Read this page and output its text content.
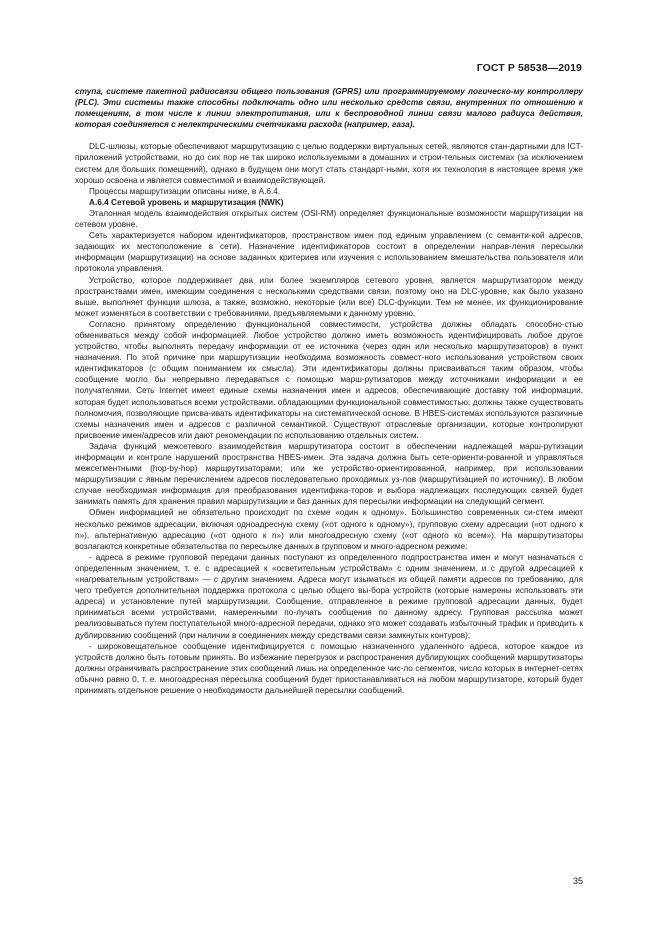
ГОСТ Р 58538—2019

ступа, системе пакетной радиосвязи общего пользования (GPRS) или программируемому логическо-му контроллеру (PLC). Эти системы также способны подключать одно или несколько средств связи, внутренних по отношению к помещениям, в том числе к линии электропитания, или к беспроводной линии связи малого радиуса действия, которая соединяется с нелектрическими счетчиками расхода (например, газа).

DLC-шлюзы, которые обеспечивают маршрутизацию с целью поддержки виртуальных сетей, являются стан-дартными для ICT-приложений устройствами, но до сих пор не так широко используемыми в домашних и строи-тельных системах (за исключением систем для больших помещений), однако в будущем они могут стать стандарт-ными, хотя их технология в настоящее время уже хорошо освоена и является совместимой и взаимодействующей.

Процессы маршрутизации описаны ниже, в А.6.4.

А.6.4 Сетевой уровень и маршрутизация (NWK)

Эталонная модель взаимодействия открытых систем (OSI-RM) определяет функциональные возможности маршрутизации на сетевом уровне.

Сеть характеризуется набором идентификаторов, пространством имен под единым управлением (с семанти-кой адресов, задающих их местоположение в сети). Назначение идентификаторов состоит в определении направ-ления пересылки информации (маршрутизации) на основе заданных критериев или изучения с использованием вмешательства пользователя или протокола управления.

Устройство, которое поддерживает два или более экземпляров сетевого уровня, является маршрутизатором между пространствами имен, имеющим соединения с несколькими средствами связи, поэтому оно на DLC-уровне, как было указано выше, выполняет функции шлюза, а также, возможно, некоторые (или все) DLC-функции. Тем не менее, их функционирование может изменяться в соответствии с требованиями, предъявляемыми к данному уровню.

Согласно принятому определению функциональной совместимости, устройства должны обладать способно-стью обмениваться между собой информацией. Любое устройство должно иметь возможность идентифицировать любое другое устройство, чтобы выполнять передачу информации от ее источника (через один или несколько маршрутизаторов) в пункт назначения. По этой причине при маршрутизации необходима возможность совмест-ного использования устройством своих идентификаторов (с общим пониманием их смысла). Эти идентификаторы должны присваиваться таким образом, чтобы сообщение могло бы непрерывно передаваться с помощью марш-рутизаторов между источниками информации и ее получателями. Сеть Internet имеет единые схемы назначения имен и адресов, обеспечивающие доставку той информации, которая будет использоваться всеми устройствами, обладающими функциональной совместимостью; должны также существовать полномочия, позволяющие присва-ивать идентификаторы на систематической основе. В HBES-системах используются различные схемы назначения имен и адресов с различной семантикой. Существуют отраслевые организации, которые контролируют присвоение имен/адресов или дают рекомендации по использованию отдельных систем.

Задача функций межсетевого взаимодействия маршрутизатора состоит в обеспечении надлежащей марш-рутизации информации и контроле нарушений пространства HBES-имен. Эта задача должна быть сете-ориенти-рованной и управляться межсегментными (hop-by-hop) маршрутизаторами; или же устройство-ориентированной, например, при использовании маршрутизации с явным перечислением адресов последовательно проходимых уз-лов (маршрутизацией по источнику). В любом случае необходимая информация для преобразования идентифика-торов и выбора надлежащих последующих связей будет занимать память для хранения правил маршрутизации и баз данных для пересылки информации на следующий сегмент.

Обмен информацией не обязательно происходит по схеме «один к одному». Большинство современных си-стем имеют несколько режимов адресации, включая одноадресную схему («от одного к одному»), групповую схему адресации («от одного к n»), альтернативную адресацию («от одного к n») или многоадресную схему («от одного ко всем»). На маршрутизаторы возлагаются конкретные обязательства по пересылке данных в групповом и много-адресном режиме:

- адреса в режиме групповой передачи данных поступают из определенного подпространства имен и могут назначаться с определенным значением, т. е. с адресацией к «осветительным устройствам» с одним значением, и с другой адресацией к «нагревательным устройствам» — с другим значением. Адреса могут изыматься из общей памяти адресов по требованию, для чего требуется дополнительная поддержка протокола с целью общего вы-бора устройств (которые намерены использовать эти адреса) и установление путей маршрутизации. Сообщение, отправленное в режиме групповой адресации данных, будет приниматься всеми устройствами, намеренными по-лучать сообщения по данному адресу. Групповая рассылка может реализовываться путем поступательной много-адресной передачи, однако это может создавать избыточный трафик и приводить к дублированию сообщений (при наличии в соединениях между средствами связи замкнутых контуров);

- широковещательное сообщение идентифицируется с помощью назначенного удаленного адреса, которое каждое из устройств должно быть готовым принять. Во избежание перегрузок и распространения дублирующих сообщений маршрутизаторы должны ограничивать распространение этих сообщений лишь на определенное чис-ло сегментов, число которых в интернет-сетях обычно равно 0, т. е. многоадресная пересылка сообщений будет приостанавливаться на любом маршрутизаторе, который будет принимать отдельное решение о необходимости дальнейшей пересылки сообщений.

35
